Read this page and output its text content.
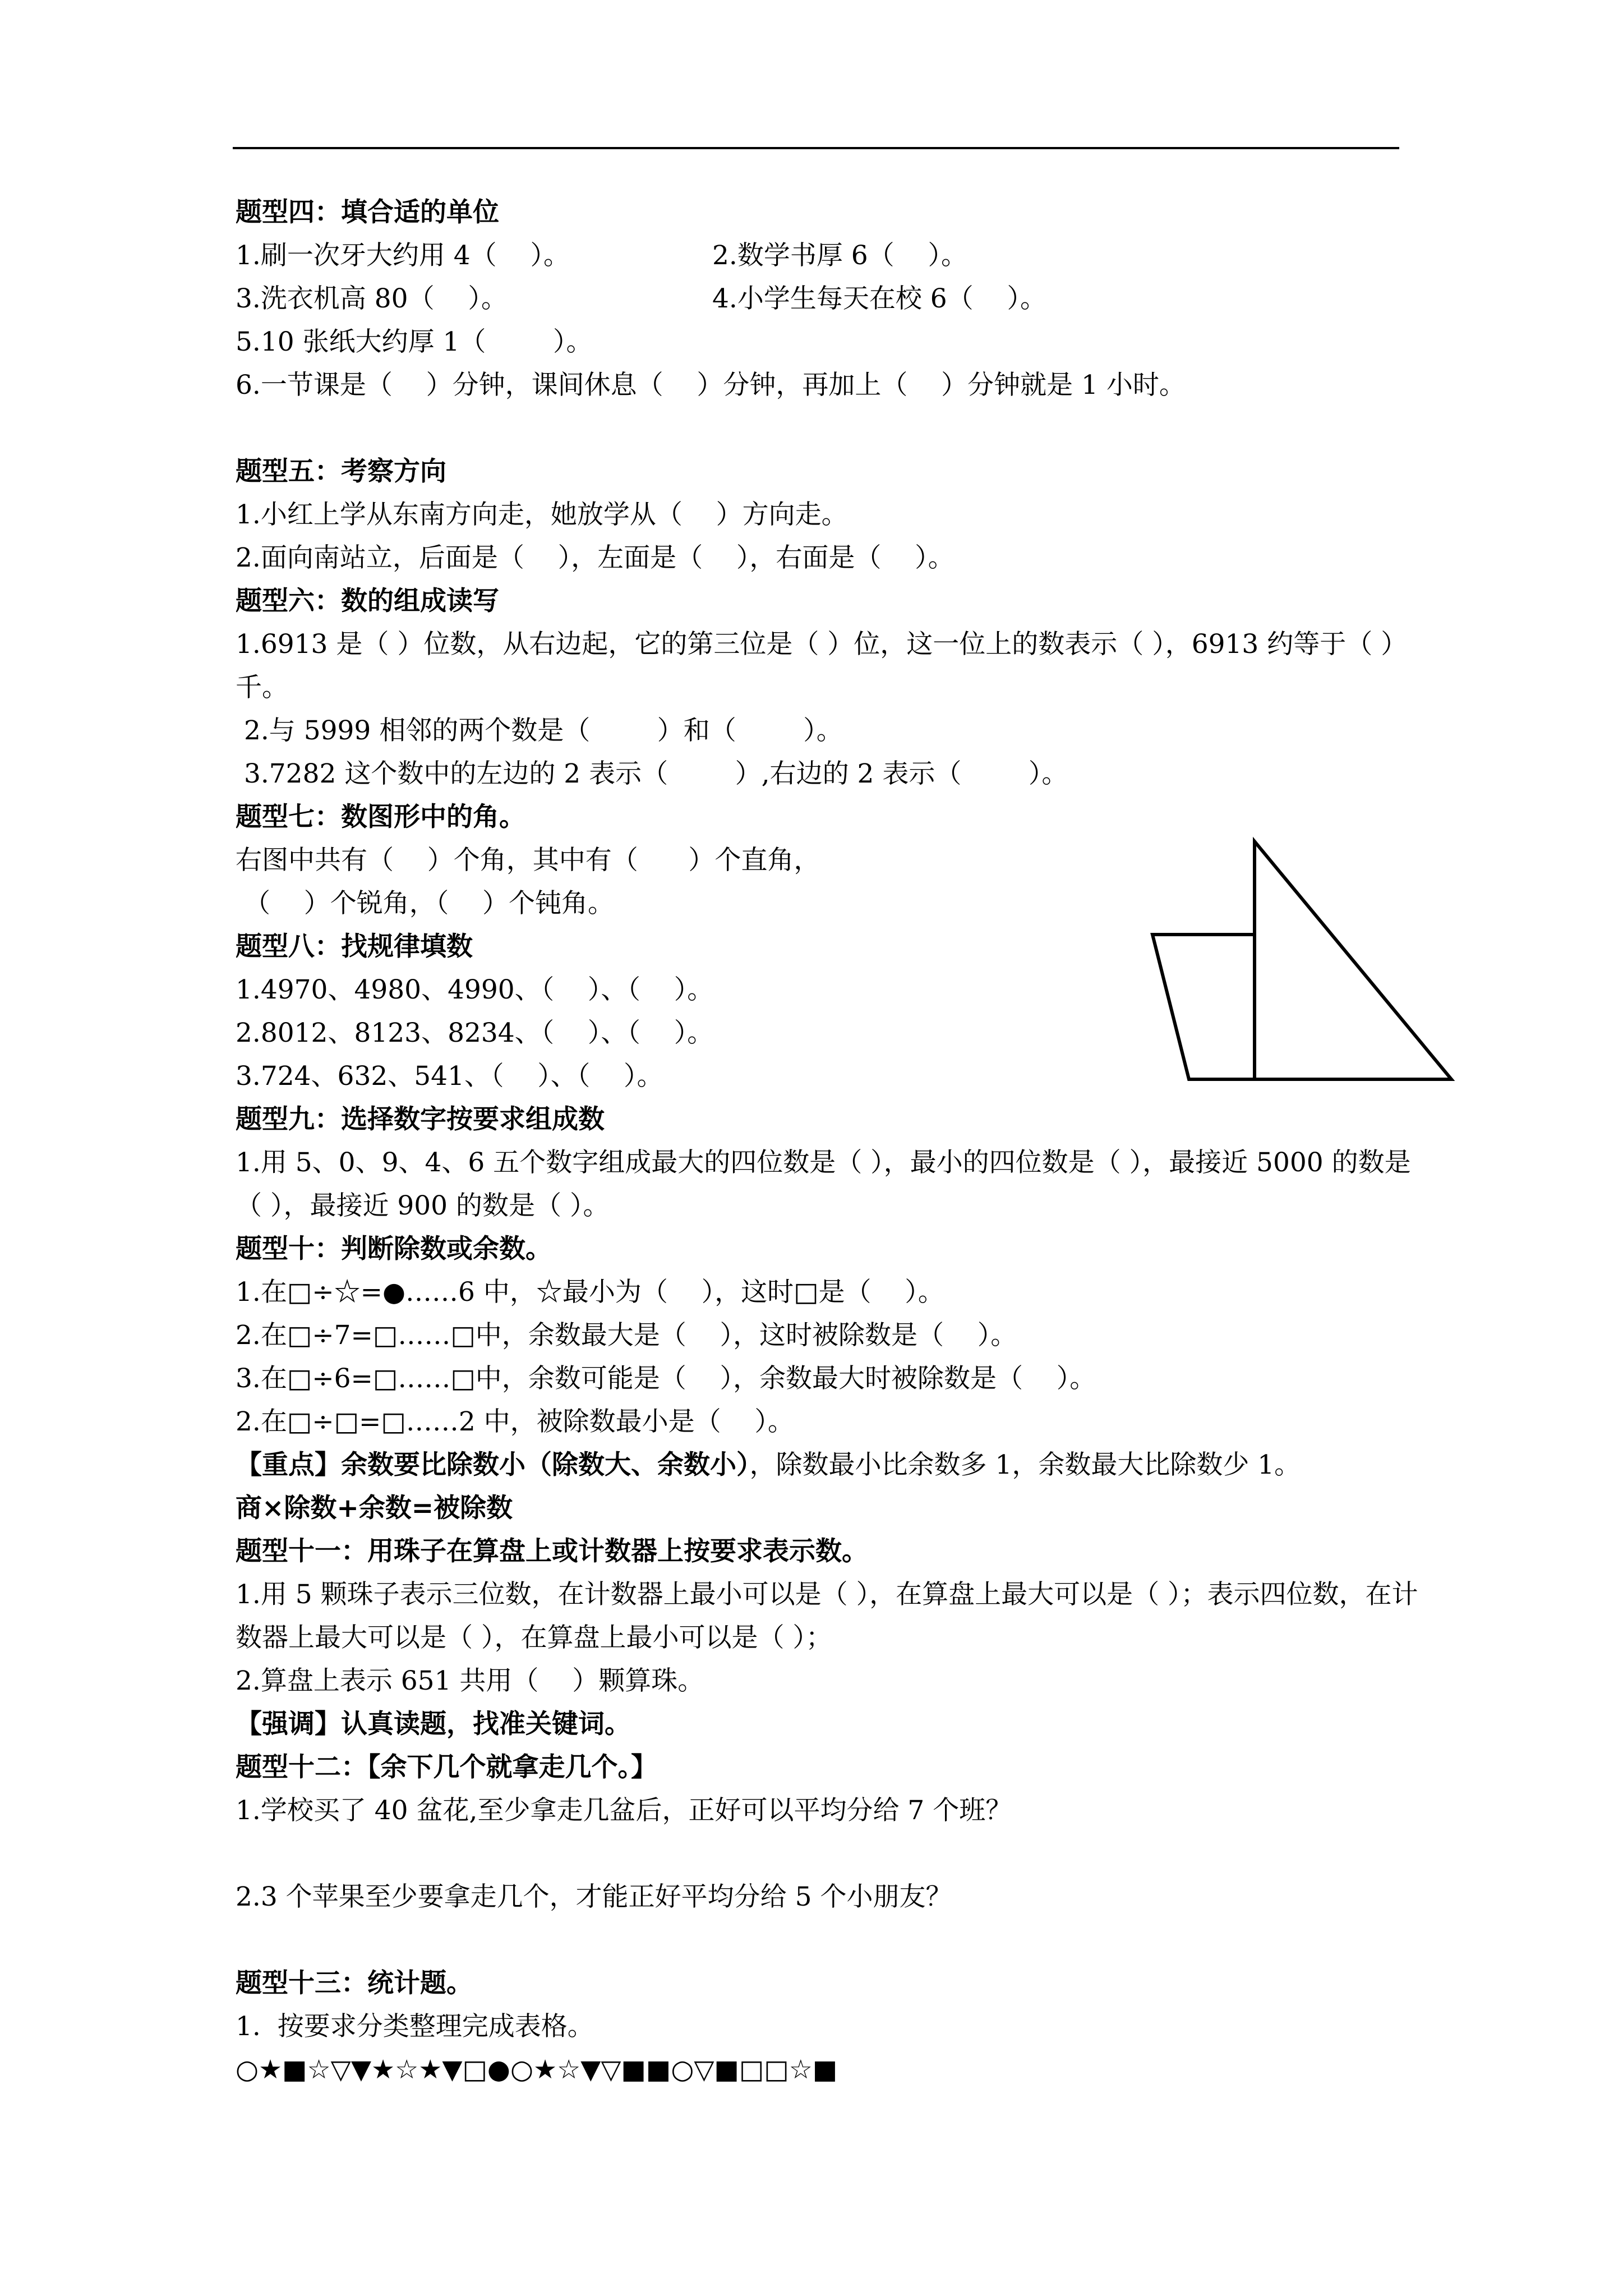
题型四：填合适的单位
1.刷一次牙大约用 4（    ）。	2.数学书厚 6（    ）。
3.洗衣机高 80（    ）。	4.小学生每天在校 6（    ）。
5.10 张纸大约厚 1（        ）。
6.一节课是（    ）分钟，课间休息（    ）分钟，再加上（    ）分钟就是 1 小时。
题型五：考察方向
1.小红上学从东南方向走，她放学从（    ）方向走。
2.面向南站立，后面是（    ），左面是（    ），右面是（    ）。
题型六：数的组成读写
1.6913 是（ ）位数，从右边起，它的第三位是（ ）位，这一位上的数表示（ ），6913 约等于（ ）千。
2.与 5999 相邻的两个数是（        ）和（        ）。
3.7282 这个数中的左边的 2 表示（        ）,右边的 2 表示（        ）。
题型七：数图形中的角。
右图中共有（    ）个角，其中有（      ）个直角，
（    ）个锐角，（    ）个钝角。
题型八：找规律填数
1.4970、4980、4990、（    ）、（    ）。
2.8012、8123、8234、（    ）、（    ）。
3.724、632、541、（    ）、（    ）。
题型九：选择数字按要求组成数
1.用 5、0、9、4、6 五个数字组成最大的四位数是（ ），最小的四位数是（ ），最接近 5000 的数是（ ），最接近 900 的数是（ ）。
题型十：判断除数或余数。
1.在□÷☆=●……6 中，☆最小为（    ），这时□是（    ）。
2.在□÷7=□……□中，余数最大是（    ），这时被除数是（    ）。
3.在□÷6=□……□中，余数可能是（    ），余数最大时被除数是（    ）。
2.在□÷□=□……2 中，被除数最小是（    ）。
【重点】余数要比除数小（除数大、余数小），除数最小比余数多 1，余数最大比除数少 1。
商×除数+余数=被除数
题型十一：用珠子在算盘上或计数器上按要求表示数。
1.用 5 颗珠子表示三位数，在计数器上最小可以是（ ），在算盘上最大可以是（ ）；表示四位数，在计数器上最大可以是（ ），在算盘上最小可以是（ ）；
2.算盘上表示 651 共用（    ）颗算珠。
【强调】认真读题，找准关键词。
题型十二：【余下几个就拿走几个。】
1.学校买了 40 盆花,至少拿走几盆后，正好可以平均分给 7 个班？
2.3 个苹果至少要拿走几个，才能正好平均分给 5 个小朋友？
题型十三：统计题。
1.  按要求分类整理完成表格。
○★■☆▽▼★☆★▼□●○★☆▼▽■■○▽■□□☆■
